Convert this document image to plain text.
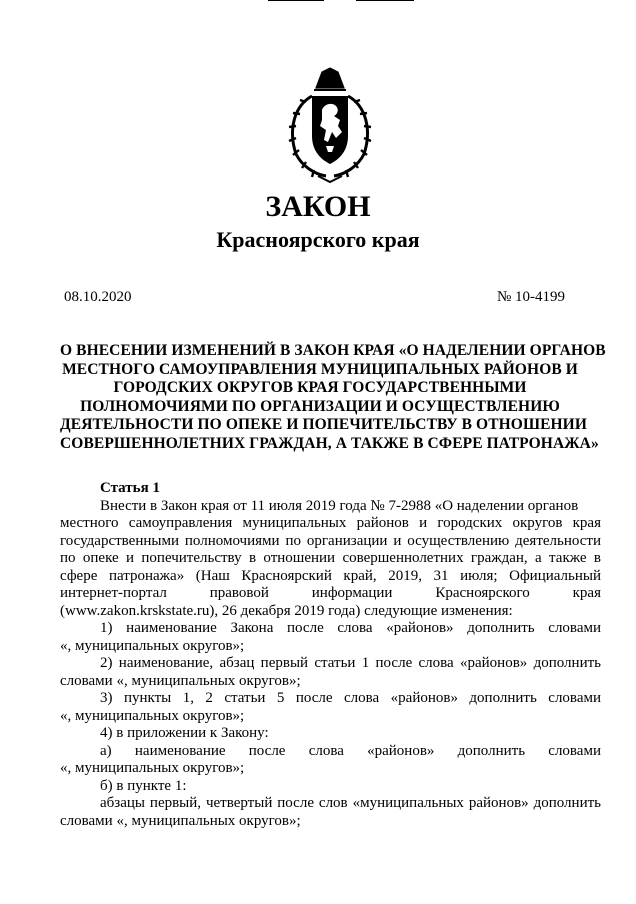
ЗАКОН
Красноярского края
08.10.2020	№ 10-4199
О ВНЕСЕНИИ ИЗМЕНЕНИЙ В ЗАКОН КРАЯ «О НАДЕЛЕНИИ ОРГАНОВ
МЕСТНОГО САМОУПРАВЛЕНИЯ МУНИЦИПАЛЬНЫХ РАЙОНОВ И
ГОРОДСКИХ ОКРУГОВ КРАЯ ГОСУДАРСТВЕННЫМИ
ПОЛНОМОЧИЯМИ ПО ОРГАНИЗАЦИИ И ОСУЩЕСТВЛЕНИЮ
ДЕЯТЕЛЬНОСТИ ПО ОПЕКЕ И ПОПЕЧИТЕЛЬСТВУ В ОТНОШЕНИИ
СОВЕРШЕННОЛЕТНИХ ГРАЖДАН, А ТАКЖЕ В СФЕРЕ ПАТРОНАЖА»
Статья 1
Внести в Закон края от 11 июля 2019 года № 7-2988 «О наделении органов
местного самоуправления муниципальных районов и городских округов края
государственными полномочиями по организации и осуществлению деятельности
по опеке и попечительству в отношении совершеннолетних граждан, а также в
сфере патронажа» (Наш Красноярский край, 2019, 31 июля; Официальный
интернет-портал правовой информации Красноярского края
(www.zakon.krskstate.ru), 26 декабря 2019 года) следующие изменения:
1) наименование Закона после слова «районов» дополнить словами
«, муниципальных округов»;
2) наименование, абзац первый статьи 1 после слова «районов» дополнить
словами «, муниципальных округов»;
3) пункты 1, 2 статьи 5 после слова «районов» дополнить словами
«, муниципальных округов»;
4) в приложении к Закону:
а) наименование после слова «районов» дополнить словами
«, муниципальных округов»;
б) в пункте 1:
абзацы первый, четвертый после слов «муниципальных районов» дополнить
словами «, муниципальных округов»;
